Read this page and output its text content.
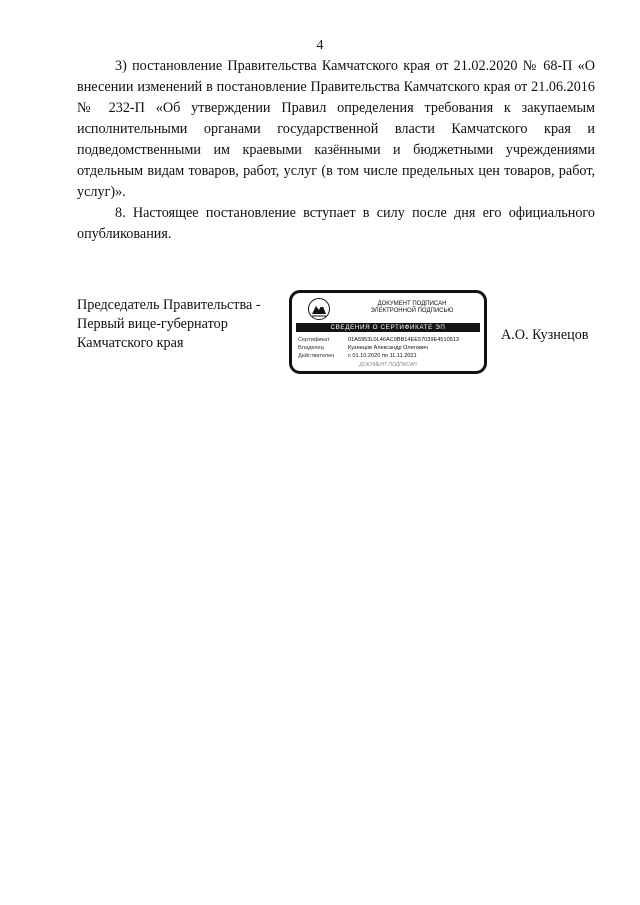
4

3) постановление Правительства Камчатского края от 21.02.2020 № 68-П «О внесении изменений в постановление Правительства Камчатского края от 21.06.2016 № 232-П «Об утверждении Правил определения требования к закупаемым исполнительными органами государственной власти Камчатского края и подведомственными им краевыми казёнными и бюджетными учреждениями отдельным видам товаров, работ, услуг (в том числе предельных цен товаров, работ, услуг)».

8. Настоящее постановление вступает в силу после дня его официального опубликования.

Председатель Правительства -
Первый вице-губернатор
Камчатского края
ДОКУМЕНТ ПОДПИСАН
ЭЛЕКТРОННОЙ ПОДПИСЬЮ
СВЕДЕНИЯ О СЕРТИФИКАТЕ ЭП
Сертификат	01A5953L0L46AC0BB14EE57039E4510513
Владелец	Кузнецов Александр Олегович
Действителен	с 01.10.2020 по 11.11.2021
ДОКУМЕНТ ПОДПИСАН
А.О. Кузнецов
